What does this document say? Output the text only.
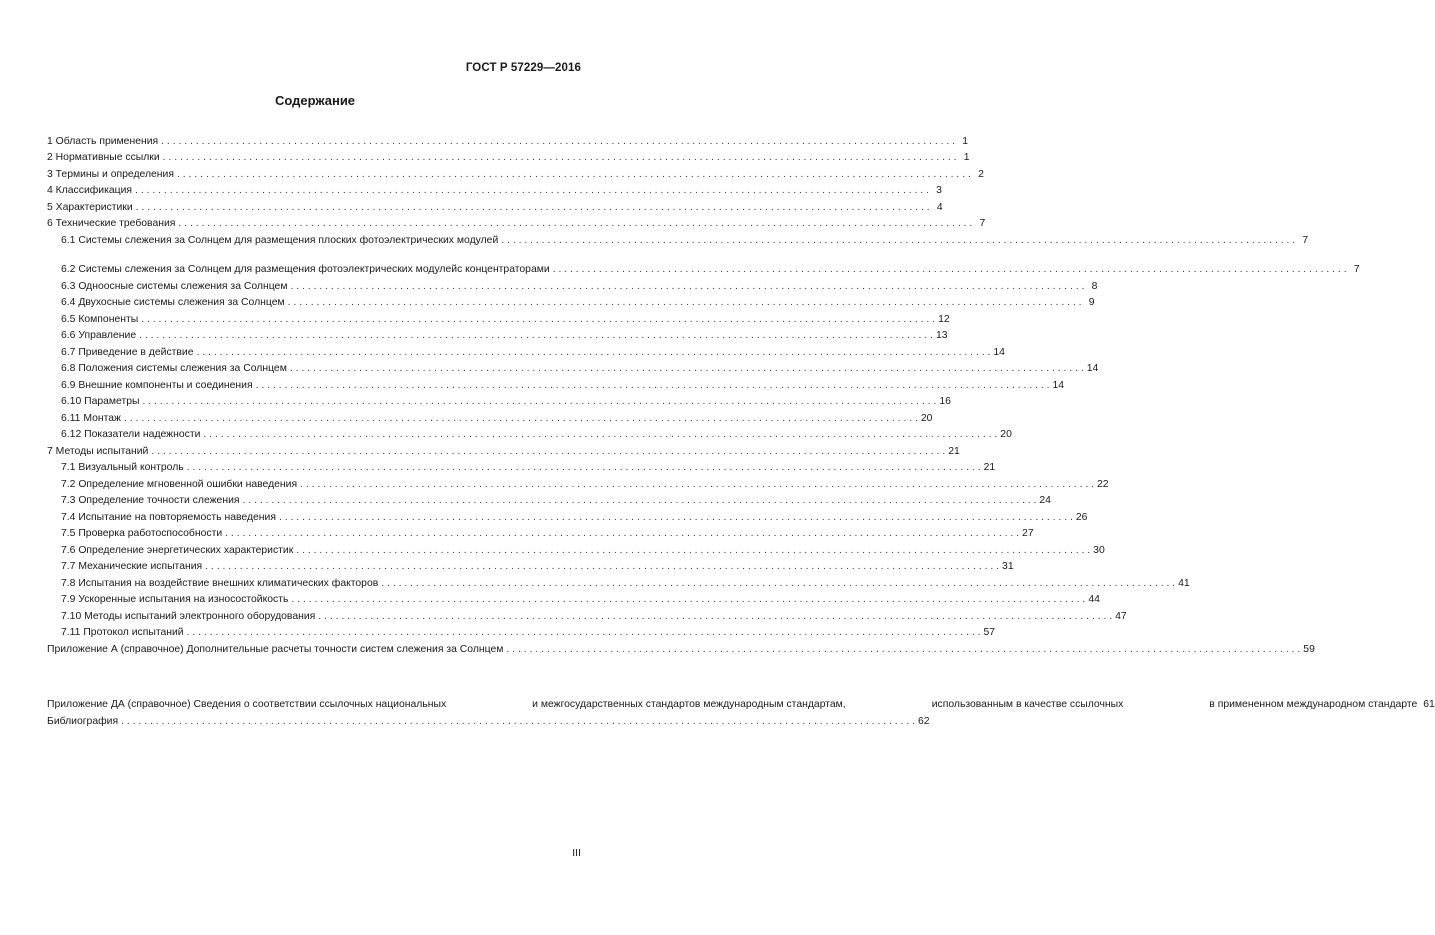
ГОСТ Р 57229—2016
Содержание
1 Область применения . . .	1
2 Нормативные ссылки . . .	1
3 Термины и определения . . .	2
4 Классификация . . .	3
5 Характеристики . . .	4
6 Технические требования . . .	7
6.1 Системы слежения за Солнцем для размещения плоских фотоэлектрических модулей . . .	7
6.2 Системы слежения за Солнцем для размещения фотоэлектрических модулейс концентраторами . . .	7
6.3 Одноосные системы слежения за Солнцем . . .	8
6.4 Двухосные системы слежения за Солнцем . . .	9
6.5 Компоненты . . .	12
6.6 Управление . . .	13
6.7 Приведение в действие . . .	14
6.8 Положения системы слежения за Солнцем . . .	14
6.9 Внешние компоненты и соединения . . .	14
6.10 Параметры . . .	16
6.11 Монтаж . . .	20
6.12 Показатели надежности . . .	20
7 Методы испытаний . . .	21
7.1 Визуальный контроль . . .	21
7.2 Определение мгновенной ошибки наведения . . .	22
7.3 Определение точности слежения . . .	24
7.4 Испытание на повторяемость наведения . . .	26
7.5 Проверка работоспособности . . .	27
7.6 Определение энергетических характеристик . . .	30
7.7 Механические испытания . . .	31
7.8 Испытания на воздействие внешних климатических факторов . . .	41
7.9 Ускоренные испытания на износостойкость . . .	44
7.10 Методы испытаний электронного оборудования . . .	47
7.11 Протокол испытаний . . .	57
Приложение А (справочное) Дополнительные расчеты точности систем слежения за Солнцем . . .	59
Приложение ДА (справочное) Сведения о соответствии ссылочных национальных	и межгосударственных стандартов международным стандартам,	использованным в качестве ссылочных	в примененном международном стандарте 61
Библиография . . .	62
III
